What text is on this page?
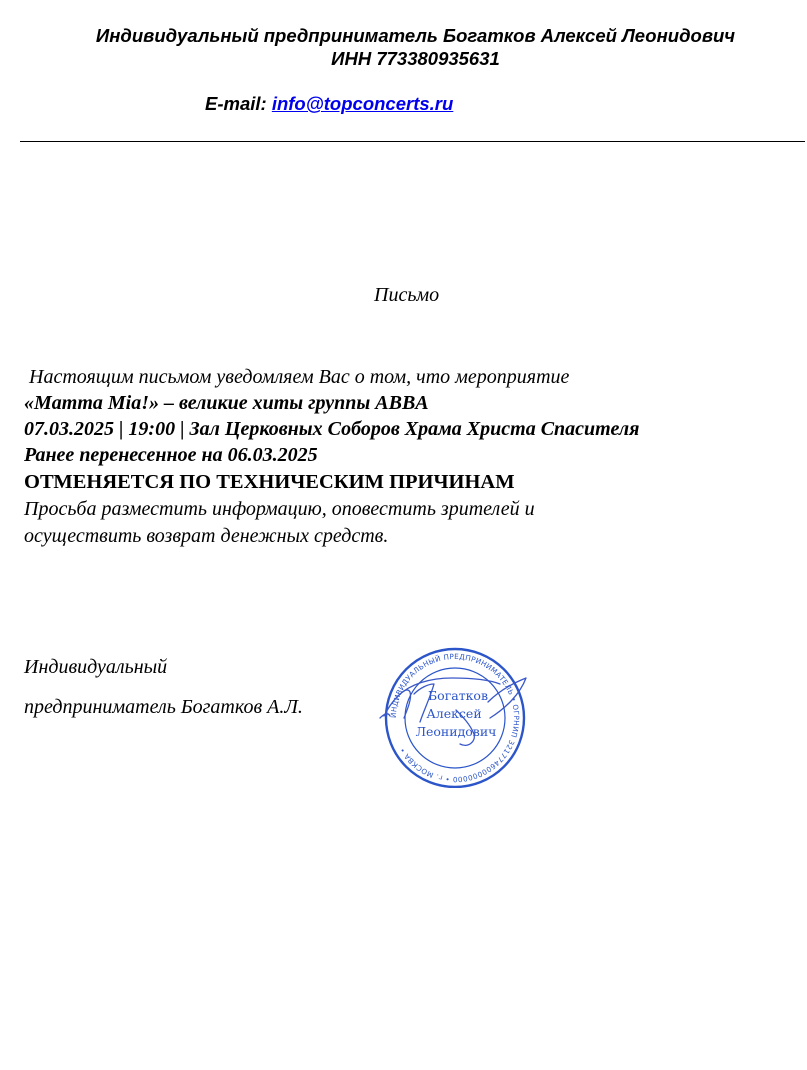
Индивидуальный предприниматель Богатков Алексей Леонидович
ИНН 773380935631
E-mail: info@topconcerts.ru
Письмо
Настоящим письмом уведомляем Вас о том, что мероприятие
«Mamma Mia!» – великие хиты группы ABBA
07.03.2025 | 19:00 | Зал Церковных Соборов Храма Христа Спасителя
Ранее перенесенное на 06.03.2025
ОТМЕНЯЕТСЯ ПО ТЕХНИЧЕСКИМ ПРИЧИНАМ
Просьба разместить информацию, оповестить зрителей и
осуществить возврат денежных средств.
Индивидуальный
предприниматель Богатков А.Л.	ИНДИВИДУАЛЬНЫЙ ПРЕДПРИНИМАТЕЛЬ • ОГРНИП 321774600000000 • г. МОСКВА •
Богатков
Алексей
Леонидович
